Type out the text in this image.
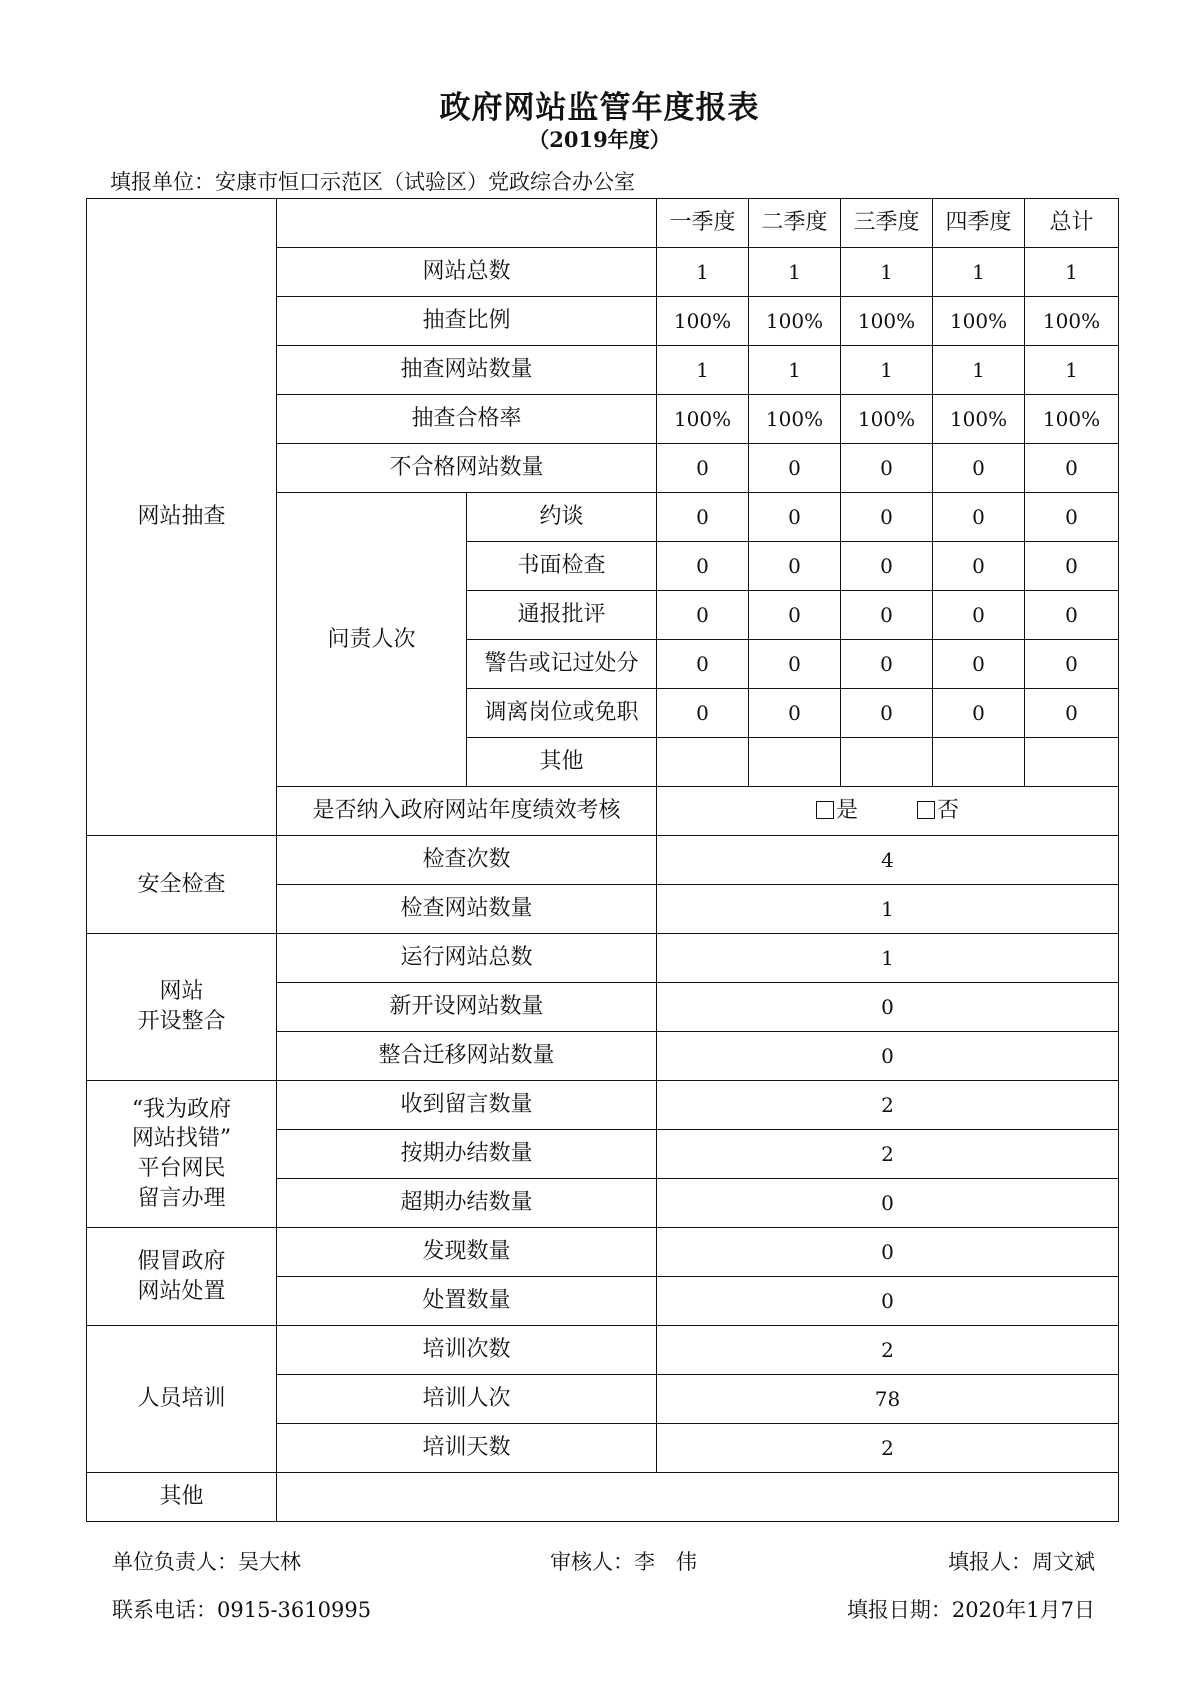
政府网站监管年度报表
（2019年度）
填报单位：安康市恒口示范区（试验区）党政综合办公室
网站抽查			一季度	二季度	三季度	四季度	总计
	网站总数		1	1	1	1	1
	抽查比例		100%	100%	100%	100%	100%
	抽查网站数量		1	1	1	1	1
	抽查合格率		100%	100%	100%	100%	100%
	不合格网站数量		0	0	0	0	0
	问责人次	约谈	0	0	0	0	0
		书面检查	0	0	0	0	0
		通报批评	0	0	0	0	0
		警告或记过处分	0	0	0	0	0
		调离岗位或免职	0	0	0	0	0
		其他					
	是否纳入政府网站年度绩效考核		是 否				
安全检查	检查次数		4				
	检查网站数量		1				
网站
开设整合	运行网站总数		1				
	新开设网站数量		0				
	整合迁移网站数量		0				
“我为政府
网站找错”
平台网民
留言办理	收到留言数量		2				
	按期办结数量		2				
	超期办结数量		0				
假冒政府
网站处置	发现数量		0				
	处置数量		0				
人员培训	培训次数		2				
	培训人次		78				
	培训天数		2				
其他							
单位负责人：吴大林	审核人：李　伟	填报人：周文斌
联系电话：0915-3610995	填报日期：2020年1月7日
